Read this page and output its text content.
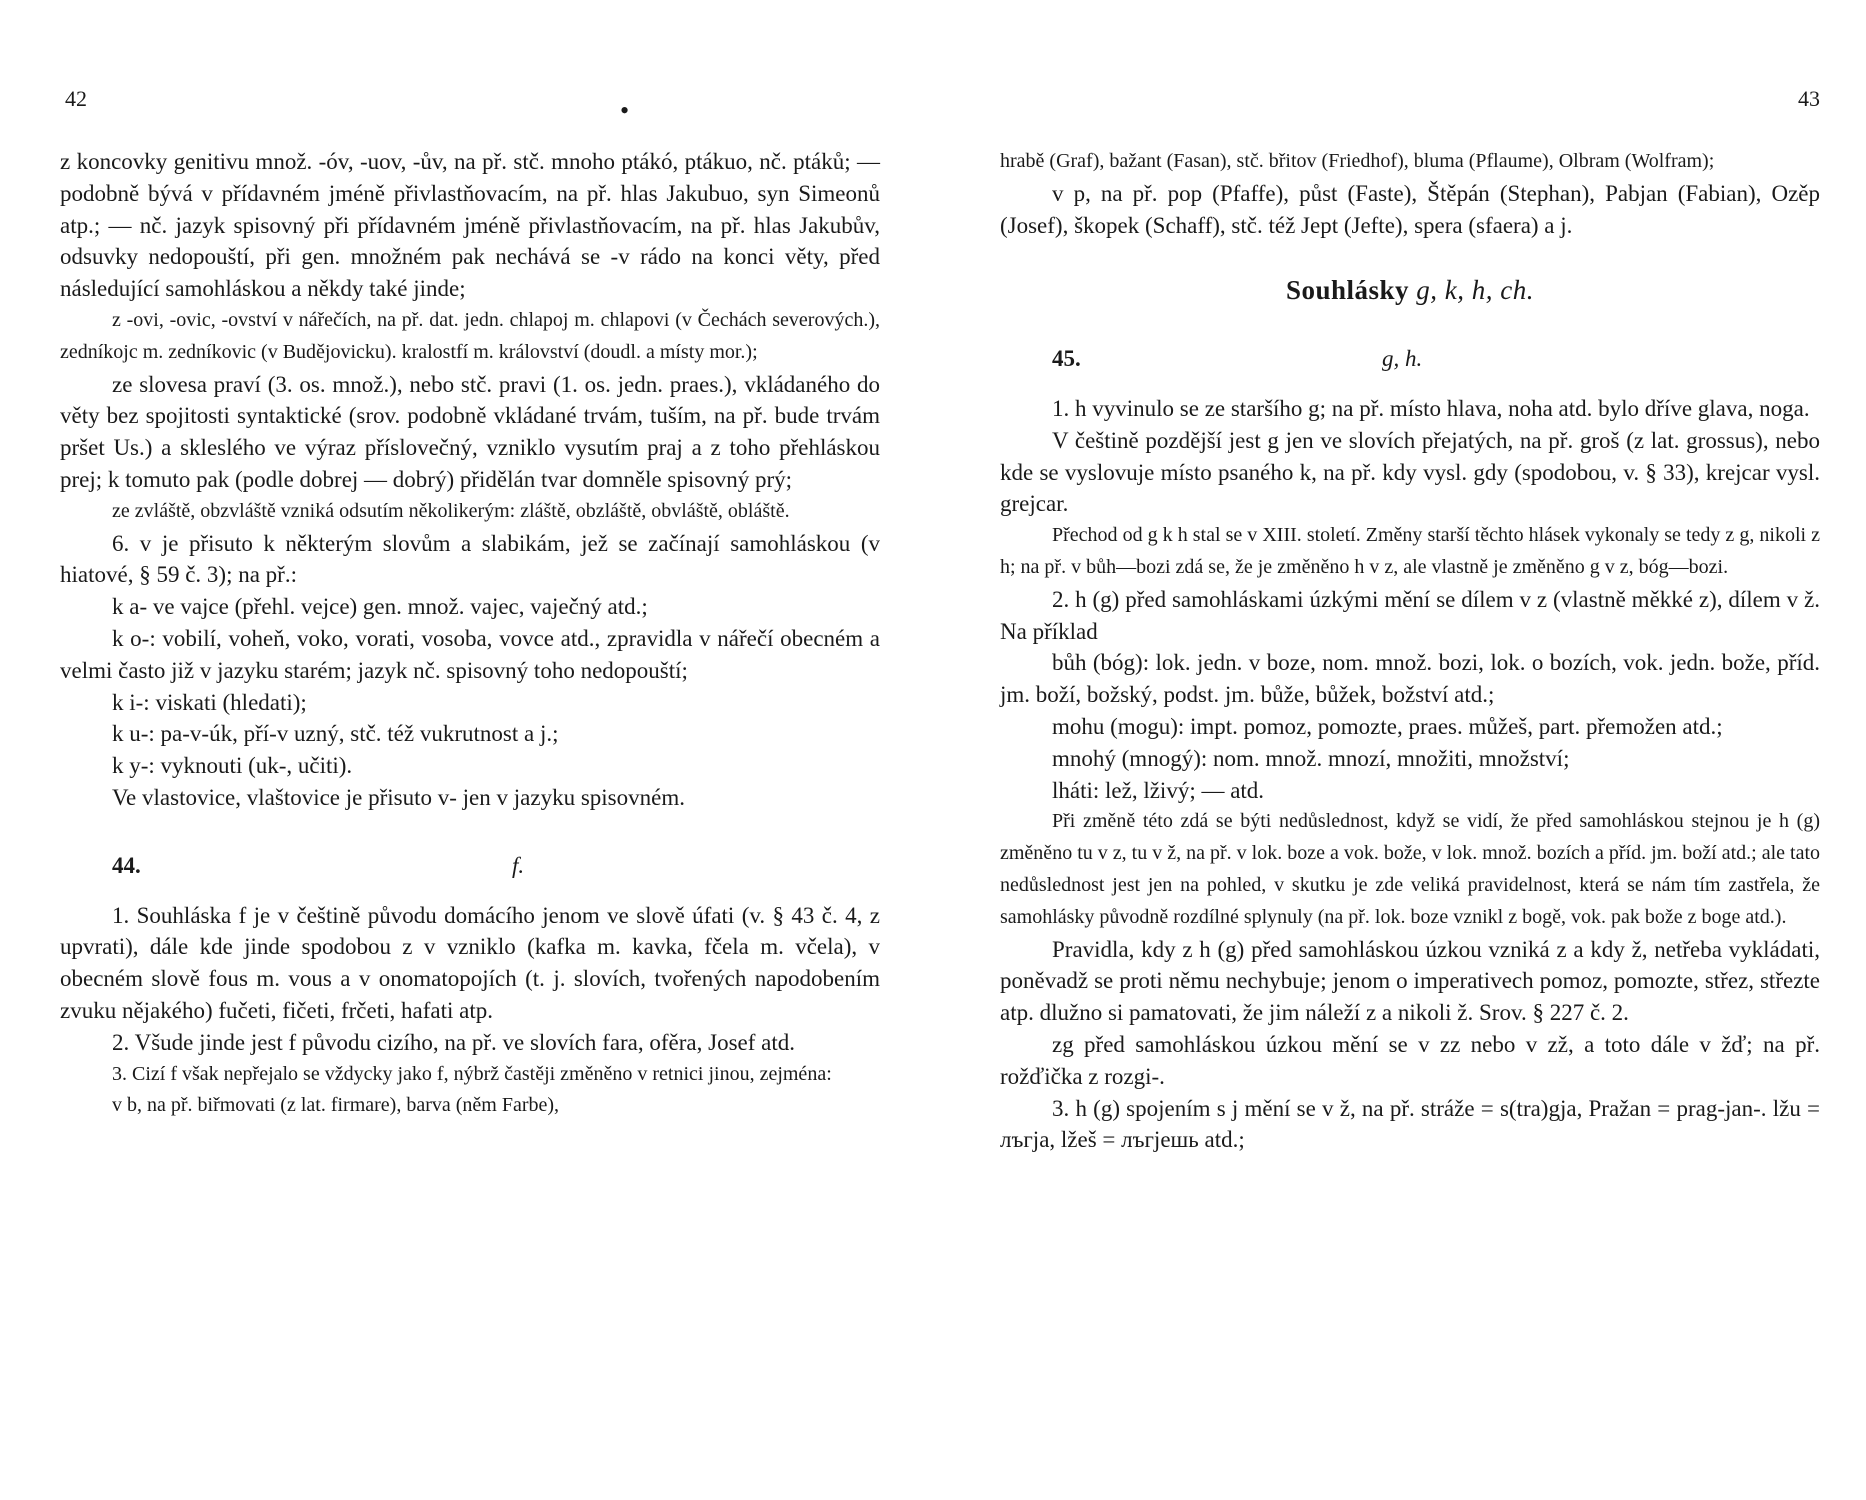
42	•

z koncovky genitivu množ. -óv, -uov, -ův, na př. stč. mnoho ptákó, ptákuo, nč. ptáků; — podobně bývá v přídavném jméně přivlastňovacím, na př. hlas Jakubuo, syn Simeonů atp.; — nč. jazyk spisovný při přídavném jméně přivlastňovacím, na př. hlas Jakubův, odsuvky nedopouští, při gen. množném pak nechává se -v rádo na konci věty, před následující samohláskou a někdy také jinde;

z -ovi, -ovic, -ovství v nářečích, na př. dat. jedn. chlapoj m. chlapovi (v Čechách severových.), zedníkojc m. zedníkovic (v Budějovicku). kralostfí m. království (doudl. a místy mor.);

ze slovesa praví (3. os. množ.), nebo stč. pravi (1. os. jedn. praes.), vkládaného do věty bez spojitosti syntaktické (srov. podobně vkládané trvám, tuším, na př. bude trvám pršet Us.) a skleslého ve výraz příslovečný, vzniklo vysutím praj a z toho přehláskou prej; k tomuto pak (podle dobrej — dobrý) přidělán tvar domněle spisovný prý;

ze zvláště, obzvláště vzniká odsutím několikerým: zláště, obzláště, obvláště, obláště.

6. v je přisuto k některým slovům a slabikám, jež se začínají samohláskou (v hiatové, § 59 č. 3); na př.:

k a- ve vajce (přehl. vejce) gen. množ. vajec, vaječný atd.;

k o-: vobilí, voheň, voko, vorati, vosoba, vovce atd., zpravidla v nářečí obecném a velmi často již v jazyku starém; jazyk nč. spisovný toho nedopouští;

k i-: viskati (hledati);

k u-: pa-v-úk, pří-v uzný, stč. též vukrutnost a j.;

k y-: vyknouti (uk-, učiti).

Ve vlastovice, vlaštovice je přisuto v- jen v jazyku spisovném.

44.	f.

1. Souhláska f je v češtině původu domácího jenom ve slově úfati (v. § 43 č. 4, z upvrati), dále kde jinde spodobou z v vzniklo (kafka m. kavka, fčela m. včela), v obecném slově fous m. vous a v onomatopojích (t. j. slovích, tvořených napodobením zvuku nějakého) fučeti, fičeti, frčeti, hafati atp.

2. Všude jinde jest f původu cizího, na př. ve slovích fara, ofěra, Josef atd.

3. Cizí f však nepřejalo se vždycky jako f, nýbrž častěji změněno v retnici jinou, zejména:

v b, na př. biřmovati (z lat. firmare), barva (něm Farbe),

43

hrabě (Graf), bažant (Fasan), stč. břitov (Friedhof), bluma (Pflaume), Olbram (Wolfram);

v p, na př. pop (Pfaffe), půst (Faste), Štěpán (Stephan), Pabjan (Fabian), Ozěp (Josef), škopek (Schaff), stč. též Jept (Jefte), spera (sfaera) a j.

Souhlásky g, k, h, ch.
45.	g, h.

1. h vyvinulo se ze staršího g; na př. místo hlava, noha atd. bylo dříve glava, noga.

V češtině pozdější jest g jen ve slovích přejatých, na př. groš (z lat. grossus), nebo kde se vyslovuje místo psaného k, na př. kdy vysl. gdy (spodobou, v. § 33), krejcar vysl. grejcar.

Přechod od g k h stal se v XIII. století. Změny starší těchto hlásek vykonaly se tedy z g, nikoli z h; na př. v bůh—bozi zdá se, že je změněno h v z, ale vlastně je změněno g v z, bóg—bozi.

2. h (g) před samohláskami úzkými mění se dílem v z (vlastně měkké z), dílem v ž. Na příklad

bůh (bóg): lok. jedn. v boze, nom. množ. bozi, lok. o bozích, vok. jedn. bože, příd. jm. boží, božský, podst. jm. bůže, bůžek, božství atd.;

mohu (mogu): impt. pomoz, pomozte, praes. můžeš, part. přemožen atd.;

mnohý (mnogý): nom. množ. mnozí, množiti, množství;

lháti: lež, lživý; — atd.

Při změně této zdá se býti nedůslednost, když se vidí, že před samohláskou stejnou je h (g) změněno tu v z, tu v ž, na př. v lok. boze a vok. bože, v lok. množ. bozích a příd. jm. boží atd.; ale tato nedůslednost jest jen na pohled, v skutku je zde veliká pravidelnost, která se nám tím zastřela, že samohlásky původně rozdílné splynuly (na př. lok. boze vznikl z bogě, vok. pak bože z boge atd.).

Pravidla, kdy z h (g) před samohláskou úzkou vzniká z a kdy ž, netřeba vykládati, poněvadž se proti němu nechybuje; jenom o imperativech pomoz, pomozte, střez, střezte atp. dlužno si pamatovati, že jim náleží z a nikoli ž. Srov. § 227 č. 2.

zg před samohláskou úzkou mění se v zz nebo v zž, a toto dále v žď; na př. rožďička z rozgi-.

3. h (g) spojením s j mění se v ž, na př. stráže = s(tra)gja, Pražan = prag-jan-. lžu = лъгја, lžeš = лъгјешь atd.;
